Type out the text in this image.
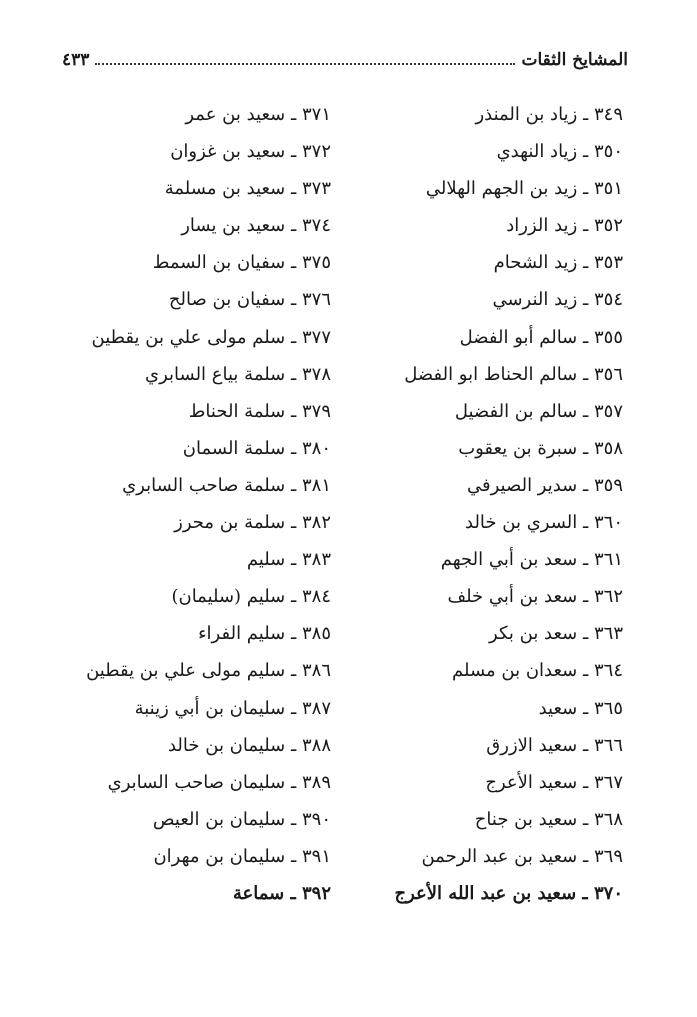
المشايخ الثقات
٤٣٣
٣٤٩ ـ زياد بن المنذر
٣٥٠ ـ زياد النهدي
٣٥١ ـ زيد بن الجهم الهلالي
٣٥٢ ـ زيد الزراد
٣٥٣ ـ زيد الشحام
٣٥٤ ـ زيد النرسي
٣٥٥ ـ سالم أبو الفضل
٣٥٦ ـ سالم الحناط ابو الفضل
٣٥٧ ـ سالم بن الفضيل
٣٥٨ ـ سبرة بن يعقوب
٣٥٩ ـ سدير الصيرفي
٣٦٠ ـ السري بن خالد
٣٦١ ـ سعد بن أبي الجهم
٣٦٢ ـ سعد بن أبي خلف
٣٦٣ ـ سعد بن بكر
٣٦٤ ـ سعدان بن مسلم
٣٦٥ ـ سعيد
٣٦٦ ـ سعيد الازرق
٣٦٧ ـ سعيد الأعرج
٣٦٨ ـ سعيد بن جناح
٣٦٩ ـ سعيد بن عبد الرحمن
٣٧٠ ـ سعيد بن عبد الله الأعرج
٣٧١ ـ سعيد بن عمر
٣٧٢ ـ سعيد بن غزوان
٣٧٣ ـ سعيد بن مسلمة
٣٧٤ ـ سعيد بن يسار
٣٧٥ ـ سفيان بن السمط
٣٧٦ ـ سفيان بن صالح
٣٧٧ ـ سلم مولى علي بن يقطين
٣٧٨ ـ سلمة بياع السابري
٣٧٩ ـ سلمة الحناط
٣٨٠ ـ سلمة السمان
٣٨١ ـ سلمة صاحب السابري
٣٨٢ ـ سلمة بن محرز
٣٨٣ ـ سليم
٣٨٤ ـ سليم (سليمان)
٣٨٥ ـ سليم الفراء
٣٨٦ ـ سليم مولى علي بن يقطين
٣٨٧ ـ سليمان بن أبي زينبة
٣٨٨ ـ سليمان بن خالد
٣٨٩ ـ سليمان صاحب السابري
٣٩٠ ـ سليمان بن العيص
٣٩١ ـ سليمان بن مهران
٣٩٢ ـ سماعة
